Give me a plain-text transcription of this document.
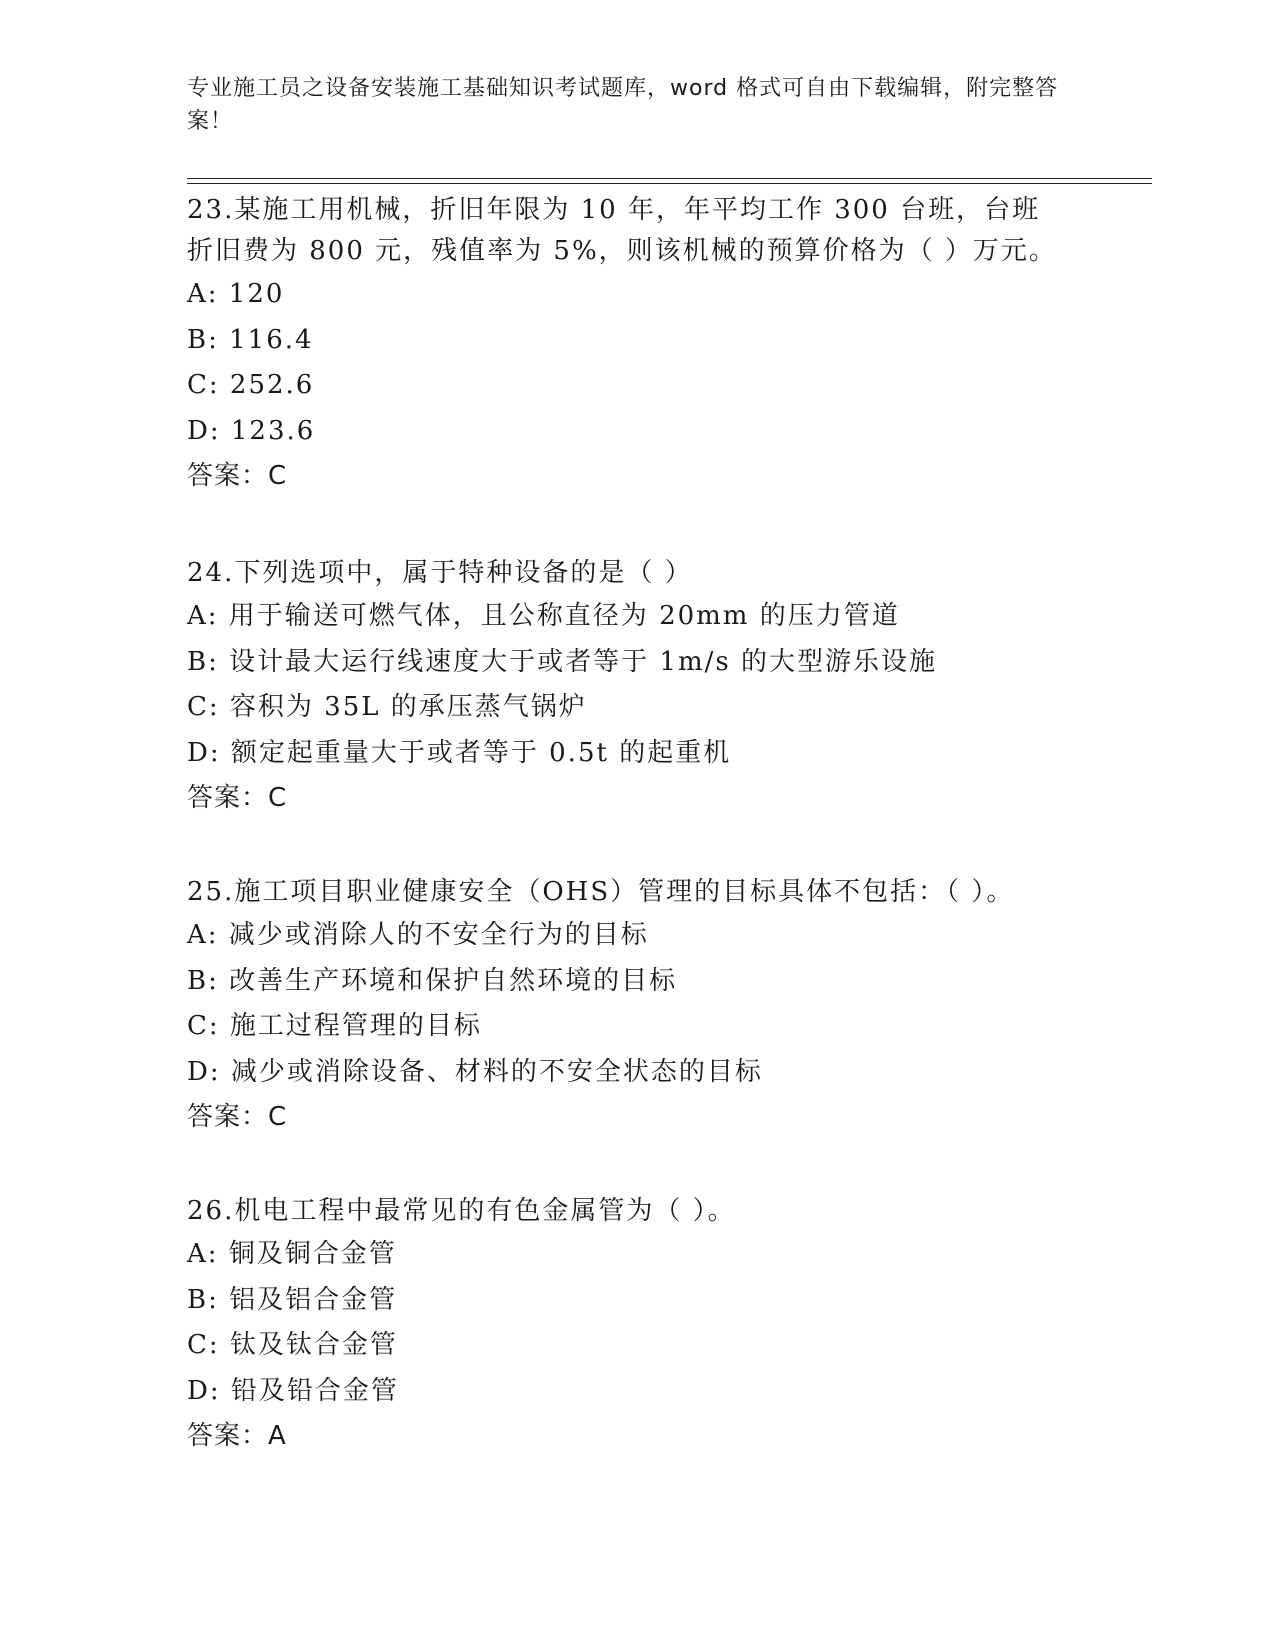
专业施工员之设备安装施工基础知识考试题库，word 格式可自由下载编辑，附完整答案！

23.某施工用机械，折旧年限为 10 年，年平均工作 300 台班，台班折旧费为 800 元，残值率为 5%，则该机械的预算价格为（ ）万元。

A: 120

B: 116.4

C: 252.6

D: 123.6

答案：C

24.下列选项中，属于特种设备的是（ ）

A: 用于输送可燃气体，且公称直径为 20mm 的压力管道

B: 设计最大运行线速度大于或者等于 1m/s 的大型游乐设施

C: 容积为 35L 的承压蒸气锅炉

D: 额定起重量大于或者等于 0.5t 的起重机

答案：C

25.施工项目职业健康安全（OHS）管理的目标具体不包括：（ ）。

A: 减少或消除人的不安全行为的目标

B: 改善生产环境和保护自然环境的目标

C: 施工过程管理的目标

D: 减少或消除设备、材料的不安全状态的目标

答案：C

26.机电工程中最常见的有色金属管为（ ）。

A: 铜及铜合金管

B: 铝及铝合金管

C: 钛及钛合金管

D: 铅及铅合金管

答案：A
